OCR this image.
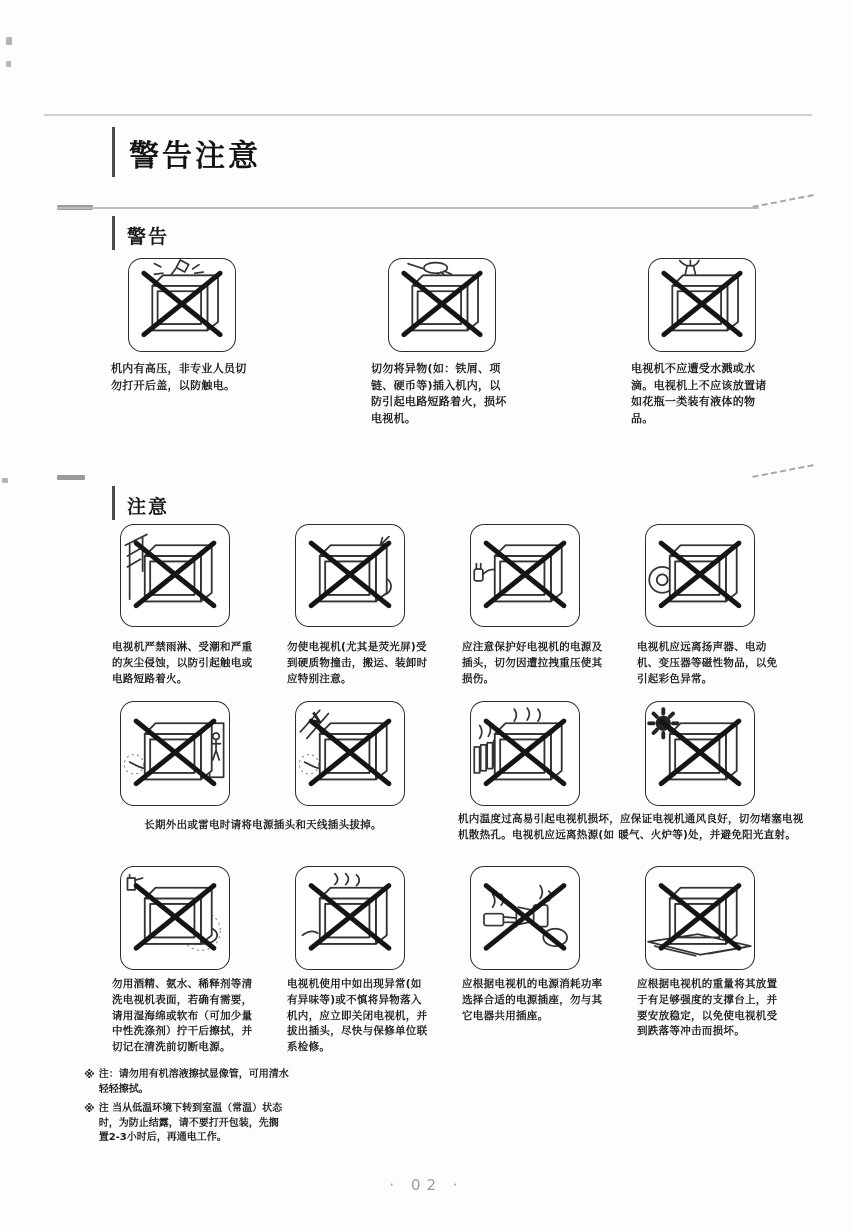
警告注意
警告

机内有高压，非专业人员切勿打开后盖，以防触电。

切勿将异物(如：铁屑、项链、硬币等)插入机内，以防引起电路短路着火，损坏电视机。

电视机不应遭受水溅或水滴。电视机上不应该放置诸如花瓶一类装有液体的物品。

注意

电视机严禁雨淋、受潮和严重的灰尘侵蚀，以防引起触电或电路短路着火。

勿使电视机(尤其是荧光屏)受到硬质物撞击，搬运、装卸时应特别注意。

应注意保护好电视机的电源及插头，切勿因遭拉拽重压使其损伤。

电视机应远离扬声器、电动机、变压器等磁性物品，以免引起彩色异常。

长期外出或雷电时请将电源插头和天线插头拔掉。	机内温度过高易引起电视机损坏，应保证电视机通风良好，切勿堵塞电视机散热孔。电视机应远离热源(如 暖气、火炉等)处，并避免阳光直射。

勿用酒精、氨水、稀释剂等清洗电视机表面，若确有需要，请用湿海绵或软布（可加少量中性洗涤剂）拧干后擦拭，并切记在清洗前切断电源。

电视机使用中如出现异常(如有异味等)或不慎将异物落入机内，应立即关闭电视机，并拔出插头，尽快与保修单位联系检修。

应根据电视机的电源消耗功率选择合适的电源插座，勿与其它电器共用插座。

应根据电视机的重量将其放置于有足够强度的支撑台上，并要安放稳定，以免使电视机受到跌落等冲击而损坏。

※ 注：请勿用有机溶液擦拭显像管，可用清水轻轻擦拭。
※ 注 当从低温环境下转到室温（常温）状态时，为防止结露，请不要打开包装，先搁置2-3小时后，再通电工作。
· 02 ·
